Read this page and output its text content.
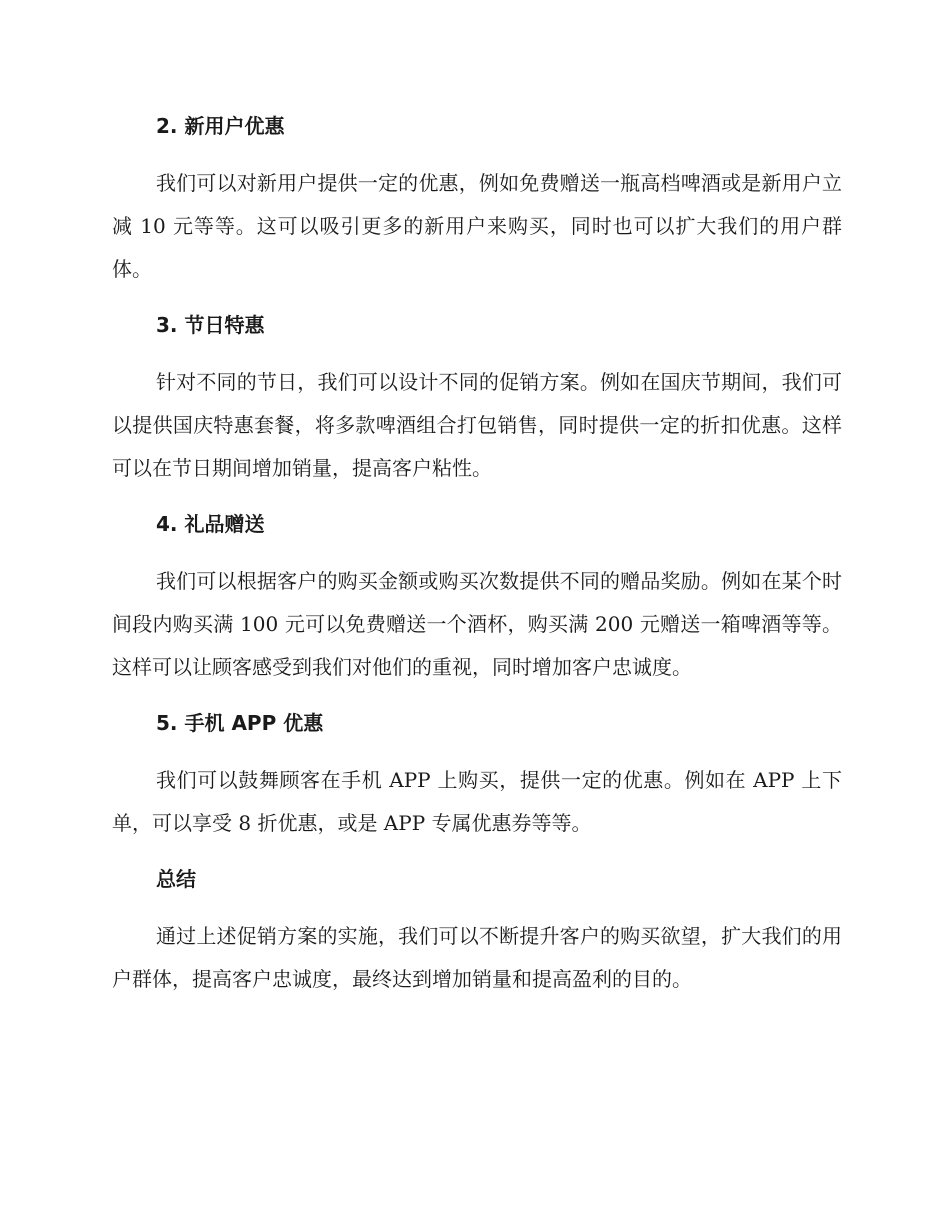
2. 新用户优惠

我们可以对新用户提供一定的优惠，例如免费赠送一瓶高档啤酒或是新用户立减 10 元等等。这可以吸引更多的新用户来购买，同时也可以扩大我们的用户群体。

3. 节日特惠

针对不同的节日，我们可以设计不同的促销方案。例如在国庆节期间，我们可以提供国庆特惠套餐，将多款啤酒组合打包销售，同时提供一定的折扣优惠。这样可以在节日期间增加销量，提高客户粘性。

4. 礼品赠送

我们可以根据客户的购买金额或购买次数提供不同的赠品奖励。例如在某个时间段内购买满 100 元可以免费赠送一个酒杯，购买满 200 元赠送一箱啤酒等等。这样可以让顾客感受到我们对他们的重视，同时增加客户忠诚度。

5. 手机 APP 优惠

我们可以鼓舞顾客在手机 APP 上购买，提供一定的优惠。例如在 APP 上下单，可以享受 8 折优惠，或是 APP 专属优惠券等等。

总结

通过上述促销方案的实施，我们可以不断提升客户的购买欲望，扩大我们的用户群体，提高客户忠诚度，最终达到增加销量和提高盈利的目的。
